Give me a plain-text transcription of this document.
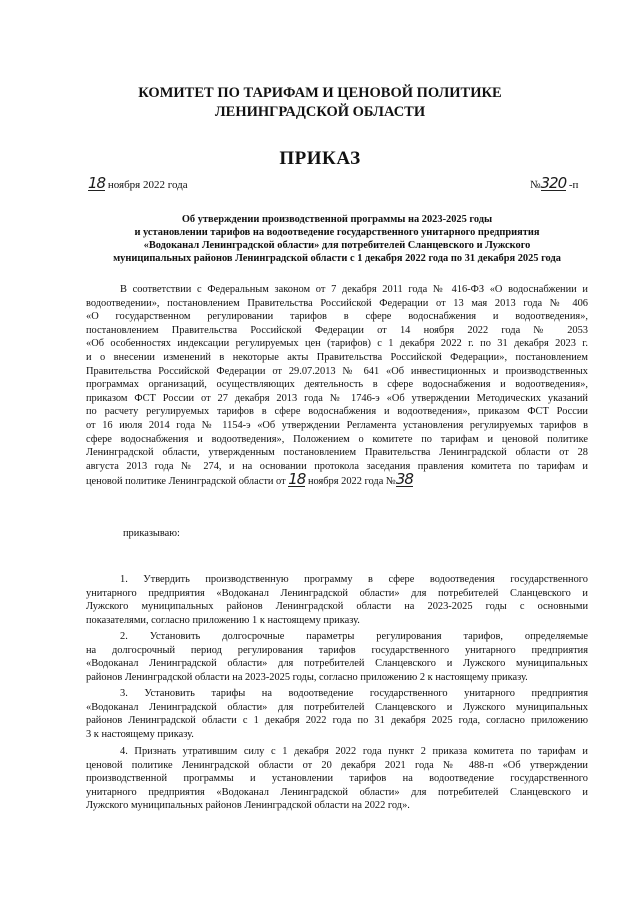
КОМИТЕТ ПО ТАРИФАМ И ЦЕНОВОЙ ПОЛИТИКЕ
ЛЕНИНГРАДСКОЙ ОБЛАСТИ
ПРИКАЗ
18 ноября 2022 года	№320 -п
Об утверждении производственной программы на 2023-2025 годы
и установлении тарифов на водоотведение государственного унитарного предприятия
«Водоканал Ленинградской области» для потребителей Сланцевского и Лужского
муниципальных районов Ленинградской области с 1 декабря 2022 года по 31 декабря 2025 года
В соответствии с Федеральным законом от 7 декабря 2011 года № 416-ФЗ «О водоснабжении и
водоотведении», постановлением Правительства Российской Федерации от 13 мая 2013 года № 406
«О государственном регулировании тарифов в сфере водоснабжения и водоотведения»,
постановлением Правительства Российской Федерации от 14 ноября 2022 года № 2053
«Об особенностях индексации регулируемых цен (тарифов) с 1 декабря 2022 г. по 31 декабря 2023 г.
и о внесении изменений в некоторые акты Правительства Российской Федерации», постановлением
Правительства Российской Федерации от 29.07.2013 № 641 «Об инвестиционных и производственных
программах организаций, осуществляющих деятельность в сфере водоснабжения и водоотведения»,
приказом ФСТ России от 27 декабря 2013 года № 1746-э «Об утверждении Методических указаний
по расчету регулируемых тарифов в сфере водоснабжения и водоотведения», приказом ФСТ России
от 16 июля 2014 года № 1154-э «Об утверждении Регламента установления регулируемых тарифов в
сфере водоснабжения и водоотведения», Положением о комитете по тарифам и ценовой политике
Ленинградской области, утвержденным постановлением Правительства Ленинградской области от 28
августа 2013 года № 274, и на основании протокола заседания правления комитета по тарифам и
ценовой политике Ленинградской области от 18 ноября 2022 года №38
приказываю:
1. Утвердить производственную программу в сфере водоотведения государственного
унитарного предприятия «Водоканал Ленинградской области» для потребителей Сланцевского и
Лужского муниципальных районов Ленинградской области на 2023-2025 годы с основными
показателями, согласно приложению 1 к настоящему приказу.
2. Установить долгосрочные параметры регулирования тарифов, определяемые
на долгосрочный период регулирования тарифов государственного унитарного предприятия
«Водоканал Ленинградской области» для потребителей Сланцевского и Лужского муниципальных
районов Ленинградской области на 2023-2025 годы, согласно приложению 2 к настоящему приказу.
3. Установить тарифы на водоотведение государственного унитарного предприятия
«Водоканал Ленинградской области» для потребителей Сланцевского и Лужского муниципальных
районов Ленинградской области с 1 декабря 2022 года по 31 декабря 2025 года, согласно приложению
3 к настоящему приказу.
4. Признать утратившим силу с 1 декабря 2022 года пункт 2 приказа комитета по тарифам и
ценовой политике Ленинградской области от 20 декабря 2021 года № 488-п «Об утверждении
производственной программы и установлении тарифов на водоотведение государственного
унитарного предприятия «Водоканал Ленинградской области» для потребителей Сланцевского и
Лужского муниципальных районов Ленинградской области на 2022 год».
